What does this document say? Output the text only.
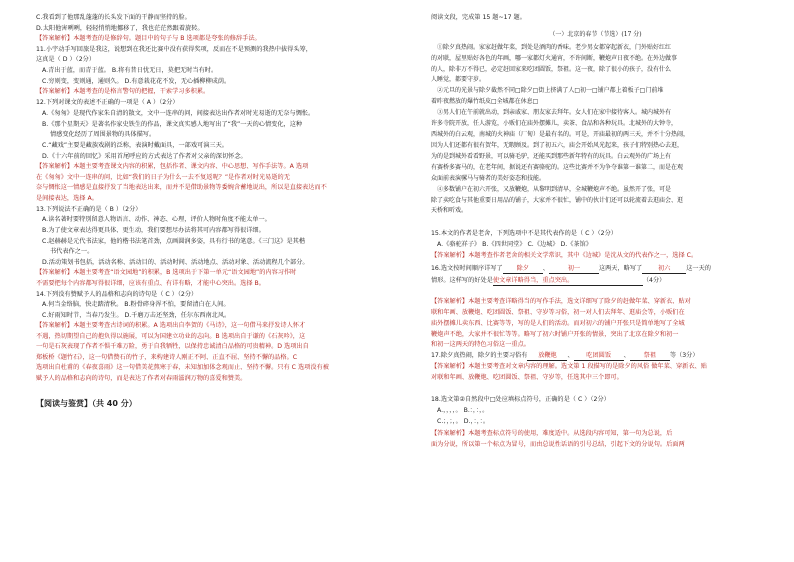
【阅读与鉴赏】（共 40 分）
C.我看到了他那乱蓬蓬的长头发下面的干静而坚持的脸。
D.太阳他害咧咧，轻轻悄悄地挪移了，我也茫茫然跟着旋转。
【答案解析】本题考查的是修辞句。题目中的句子与 B 选项都是夸张的修辞手法。
11.小宇动手写回旅是我这，说想到在我还比赛中没有获得奖项，反而在不是预测的我热中拔得头筹，
这真是（ D ）（2分）
A.青出于蓝，而青于蓝。 B.将有昔日忧无日，莫把无时当有时。
C.穷则变，变则通，通则久。 D.有意栽花花不发，无心插柳柳成荫。
【答案解析】本题考查的是格言警句的把握，干索学习多积累。
12.下列对课文的表述不正确的一项是（ A ）（2分）
A.《匆匆》是现代作家朱自清的散文，文中一连串的问，间接表达出作者对时光易逝的无奈与惆怅。
B.《那个星期天》是著名作家史铁生的作品，课文真实感人地写出了“我”一天的心情变化，这种
情感变化经历了周围景物的具体描写。
C.“藏戏”主要是藏族戏剧的泛称，表演时戴面具，一部戏可演三天。
D.《十六年前的回忆》采用首尾呼应的方式表达了作者对父亲的深切怀念。
【答案解析】本题主要考查课文内容的积累，包括作者、课文内容、中心思想、写作手法等。A 选项
在《匆匆》文中一连串的问，比如“我们的日子为什么一去不复返呢？”是作者对时光易逝的无
奈与惆怅这一情感是直接抒发了当地表达出来，而并不是借助景物等委婉含蓄地说出，所以是直接表达而不
是间接表达，选择 A。
13.下列说法不正确的是（ B ）（2分）
A.读名著时要特别留意人物语言、动作、神态、心理，评价人物时角度不能太单一。
B.为了使文章表达得更具体、更生动，我们要想尽办法将其可内容都写得很详细。
C.赵赫赫是元代书法家，他的楷书法笔首劲，点画圆润多姿，具有行书的笔意。《三门这》是其楷
书代表作之一。
D.活动策划书包括，活动名称、活动目的、活动时间、活动地点、活动对象、活动流程几个部分。
【答案解析】本题主要考查“语文园地”的积累，B 选项出于下第一单元“语文园地”的内容习作时
不需要把每个内容都写得很详细，应该有重点、有详有略，才能中心突出。选择 B。
14.下列没有赞赋予人的品格和志向的诗句是（ C ）（2分）
A.何当金络脑，快走踏清秋。 B.粉骨碎身浑不怕，要留清白在人间。
C.好雨知时节，当春乃发生。 D.千磨万击还坚劲，任尔东西南北风。
【答案解析】本题主要考查古诗词的积累。A 选项出自李贺的《马诗》，这一句借马来抒发诗人怀才
不遇，热切期望自己的抱负得以施展，可以为国建立功业的志向。B 选项出自于谦的《石灰吟》，这
一句是石灰表现了作者不惧千难万险，勇于自我牺牲，以保持忠诚清白品格的可贵精神。D 选项出自
郑板桥《题竹石》，这一句借赞石的竹子，来构建诗人刚正不阿、正直不屈、坚持不懈的品格。C
选项出自杜甫的《春夜喜雨》这一句借美花熬寒于春，未知加加体念观而止、坚持不懈。只有 C 选项没有被
赋予人的品格和志向的诗句，而是表达了作者对春雨滋润万物的喜爱和赞美。
（一）北京的春节（节选）(17 分)
16.选文按时间顺序详写了 除夕 、	初一	这两天，略写了	初六	这一天的
情形。这样写的好处是使文章详略得当，重点突出。	（4分）
17.除夕真热闹，除夕的主要习俗有 放鞭炮 、 吃团圆饭 、 祭祖 等（3分）
阅读文段，完成第 15 题~17 题。
①除夕真热闹。家家赶做年菜，到处是酒肉的香味。老少男女都穿起新衣，门外贴好红红
的对联，屋里贴好各色的年画，哪一家都灯火通宵，不许间断，鞭炮声日夜不绝。在外边做事
的人，除非万不得已，必定赶回家来吃团圆饭，祭祖。这一夜，除了很小的孩子，没有什么
人睡觉，都要守岁。
②元旦的光景与除夕截然不同□除夕□街上挤满了人□初一□铺户都上着板子□门前堆
着昨夜燃放的爆竹纸皮□全城都在休息□
③男人们在午前就出动，到亲戚家、朋友家去拜年。女人们在家中接待客人。城内城外有
许多寺院开放，任人游览，小贩们在庙外摆摊儿，卖茶、食品和各种玩具。北城外的大钟寺，
西城外的白云观，南城的火神庙（厂甸）是最有名的。可是，开庙最初的两三天，并不十分热闹，
因为人们还都有很有贺年，无暇顾及。到了初五六，庙会开始风光起来，孩子们特别热心去逛，
为的是到城外看看野景，可以骑毛驴，还能买到那些新年特有的玩具。白云观外的广场上有
有赛桥多赛马的，在老年间，据说还有赛骆驼的。这些比赛并不为争夺谁第一谁第二，而是在观
众面前表演骡马与骑者的美好姿态和技能。
④多数铺户在初六开张，又放鞭炮，从黎明到清早，全城鞭炮声不绝。虽然开了张，可是
除了卖吃食与其他重要日用品的铺子，大家并不很忙，铺中的伙计们还可以轮流着去逛庙会、逛
天桥和听戏。
15.本文的作者是老舍，下列选项中不是其代表作的是（ C ）（2分）
A.《骆驼祥子》 B.《四世同堂》 C.《边城》 D.《茶馆》
【答案解析】本题考查作者老舍的相关文学常识，其中《边城》是沈从文的代表作之一，选择 C。
【答案解析】本题主要考查详略得当的写作手法，选文详细写了除夕的赶做年菜、穿新衣、贴对
联和年画、放鞭炮、吃团圆饭、祭祖、守岁等习俗，初一对人们去拜年、逛庙会等，小贩们在
庙外摆摊儿卖东西、比赛等等，写的是人们的活动。而对初六的铺户开张只是简单地写了全城
鞭炮声不绝，大家并不很忙等等。略写了初六时铺户开张的情景，突出了北京在除夕和初一
和初一这两天的特色习俗这一重点。
【答案解析】本题主要考查对文章内容的理解。选文第 1 段描写的是除夕的风俗 做年菜、穿新衣、贴
对联和年画、放鞭炮、吃团圆饭、祭祖、守岁等，任选其中三个即可。
18.选文第②自然段中□处应填标点符号，正确的是（ C ）（2分）
A.，，，，。 B.：，：，。
C.；，；，。 D.，：，：。
【答案解析】本题考查标点符号的使用，难度适中。从选段内容可知，第一句为总说，后
面为分说，所以第一个标点为冒号，而由总说性话语的引号总结，引起下文的分说句。后面两
